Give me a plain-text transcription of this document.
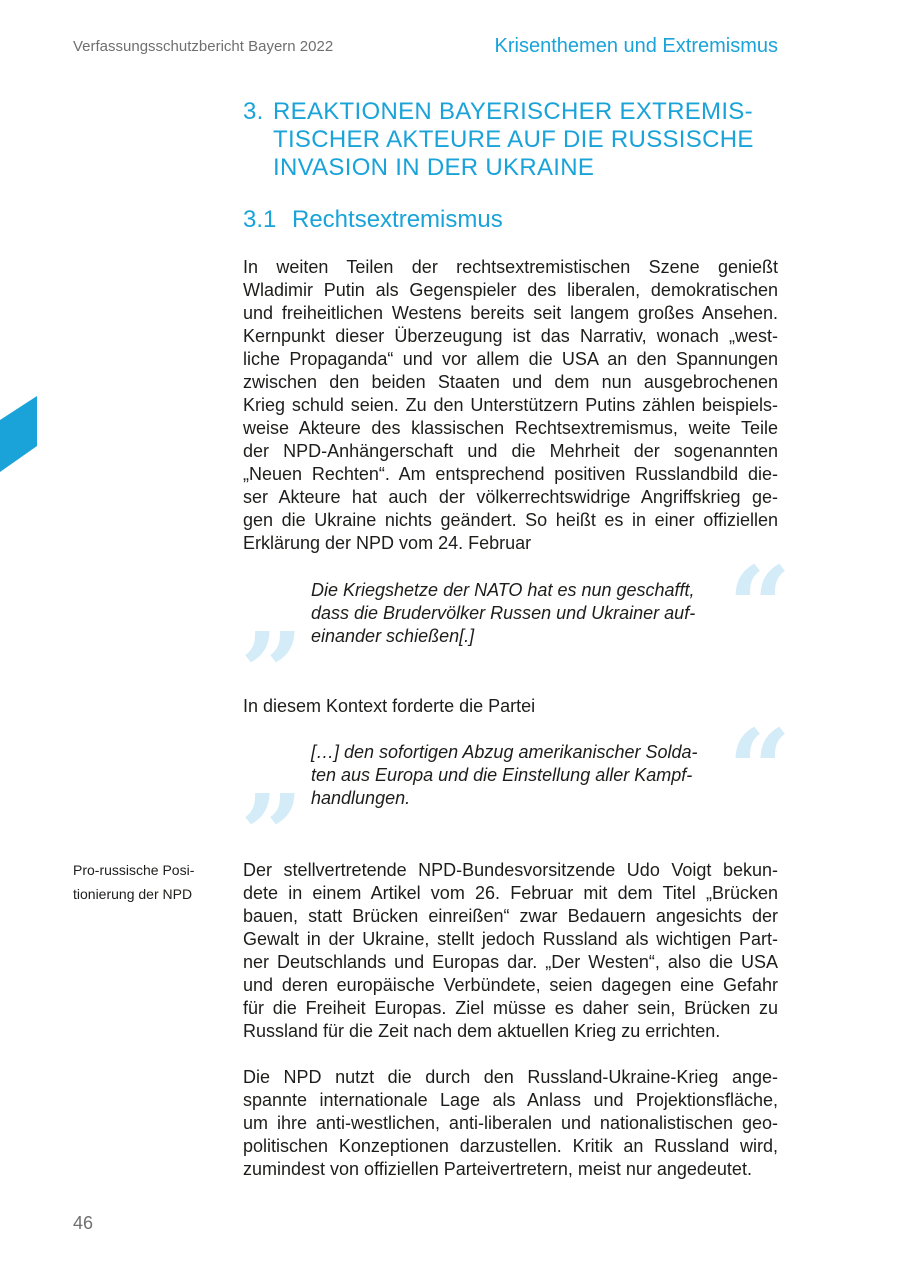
Verfassungsschutzbericht Bayern 2022	Krisenthemen und Extremismus
3. REAKTIONEN BAYERISCHER EXTREMIS-
TISCHER AKTEURE AUF DIE RUSSISCHE
INVASION IN DER UKRAINE
3.1 Rechtsextremismus
In weiten Teilen der rechtsextremistischen Szene genießt
Wladimir Putin als Gegenspieler des liberalen, demokratischen
und freiheitlichen Westens bereits seit langem großes Ansehen.
Kernpunkt dieser Überzeugung ist das Narrativ, wonach „west-
liche Propaganda“ und vor allem die USA an den Spannungen
zwischen den beiden Staaten und dem nun ausgebrochenen
Krieg schuld seien. Zu den Unterstützern Putins zählen beispiels-
weise Akteure des klassischen Rechtsextremismus, weite Teile
der NPD-Anhängerschaft und die Mehrheit der sogenannten
„Neuen Rechten“. Am entsprechend positiven Russlandbild die-
ser Akteure hat auch der völkerrechtswidrige Angriffskrieg ge-
gen die Ukraine nichts geändert. So heißt es in einer offiziellen
Erklärung der NPD vom 24. Februar	“
Die Kriegshetze der NATO hat es nun geschafft,
dass die Brudervölker Russen und Ukrainer auf-
einander schießen[.]
”
In diesem Kontext forderte die Partei	“
[…] den sofortigen Abzug amerikanischer Solda-
ten aus Europa und die Einstellung aller Kampf-
handlungen.
”
Pro-russische Posi-
tionierung der NPD
Der stellvertretende NPD-Bundesvorsitzende Udo Voigt bekun-
dete in einem Artikel vom 26. Februar mit dem Titel „Brücken
bauen, statt Brücken einreißen“ zwar Bedauern angesichts der
Gewalt in der Ukraine, stellt jedoch Russland als wichtigen Part-
ner Deutschlands und Europas dar. „Der Westen“, also die USA
und deren europäische Verbündete, seien dagegen eine Gefahr
für die Freiheit Europas. Ziel müsse es daher sein, Brücken zu
Russland für die Zeit nach dem aktuellen Krieg zu errichten.
Die NPD nutzt die durch den Russland-Ukraine-Krieg ange-
spannte internationale Lage als Anlass und Projektionsfläche,
um ihre anti-westlichen, anti-liberalen und nationalistischen geo-
politischen Konzeptionen darzustellen. Kritik an Russland wird,
zumindest von offiziellen Parteivertretern, meist nur angedeutet.
46
